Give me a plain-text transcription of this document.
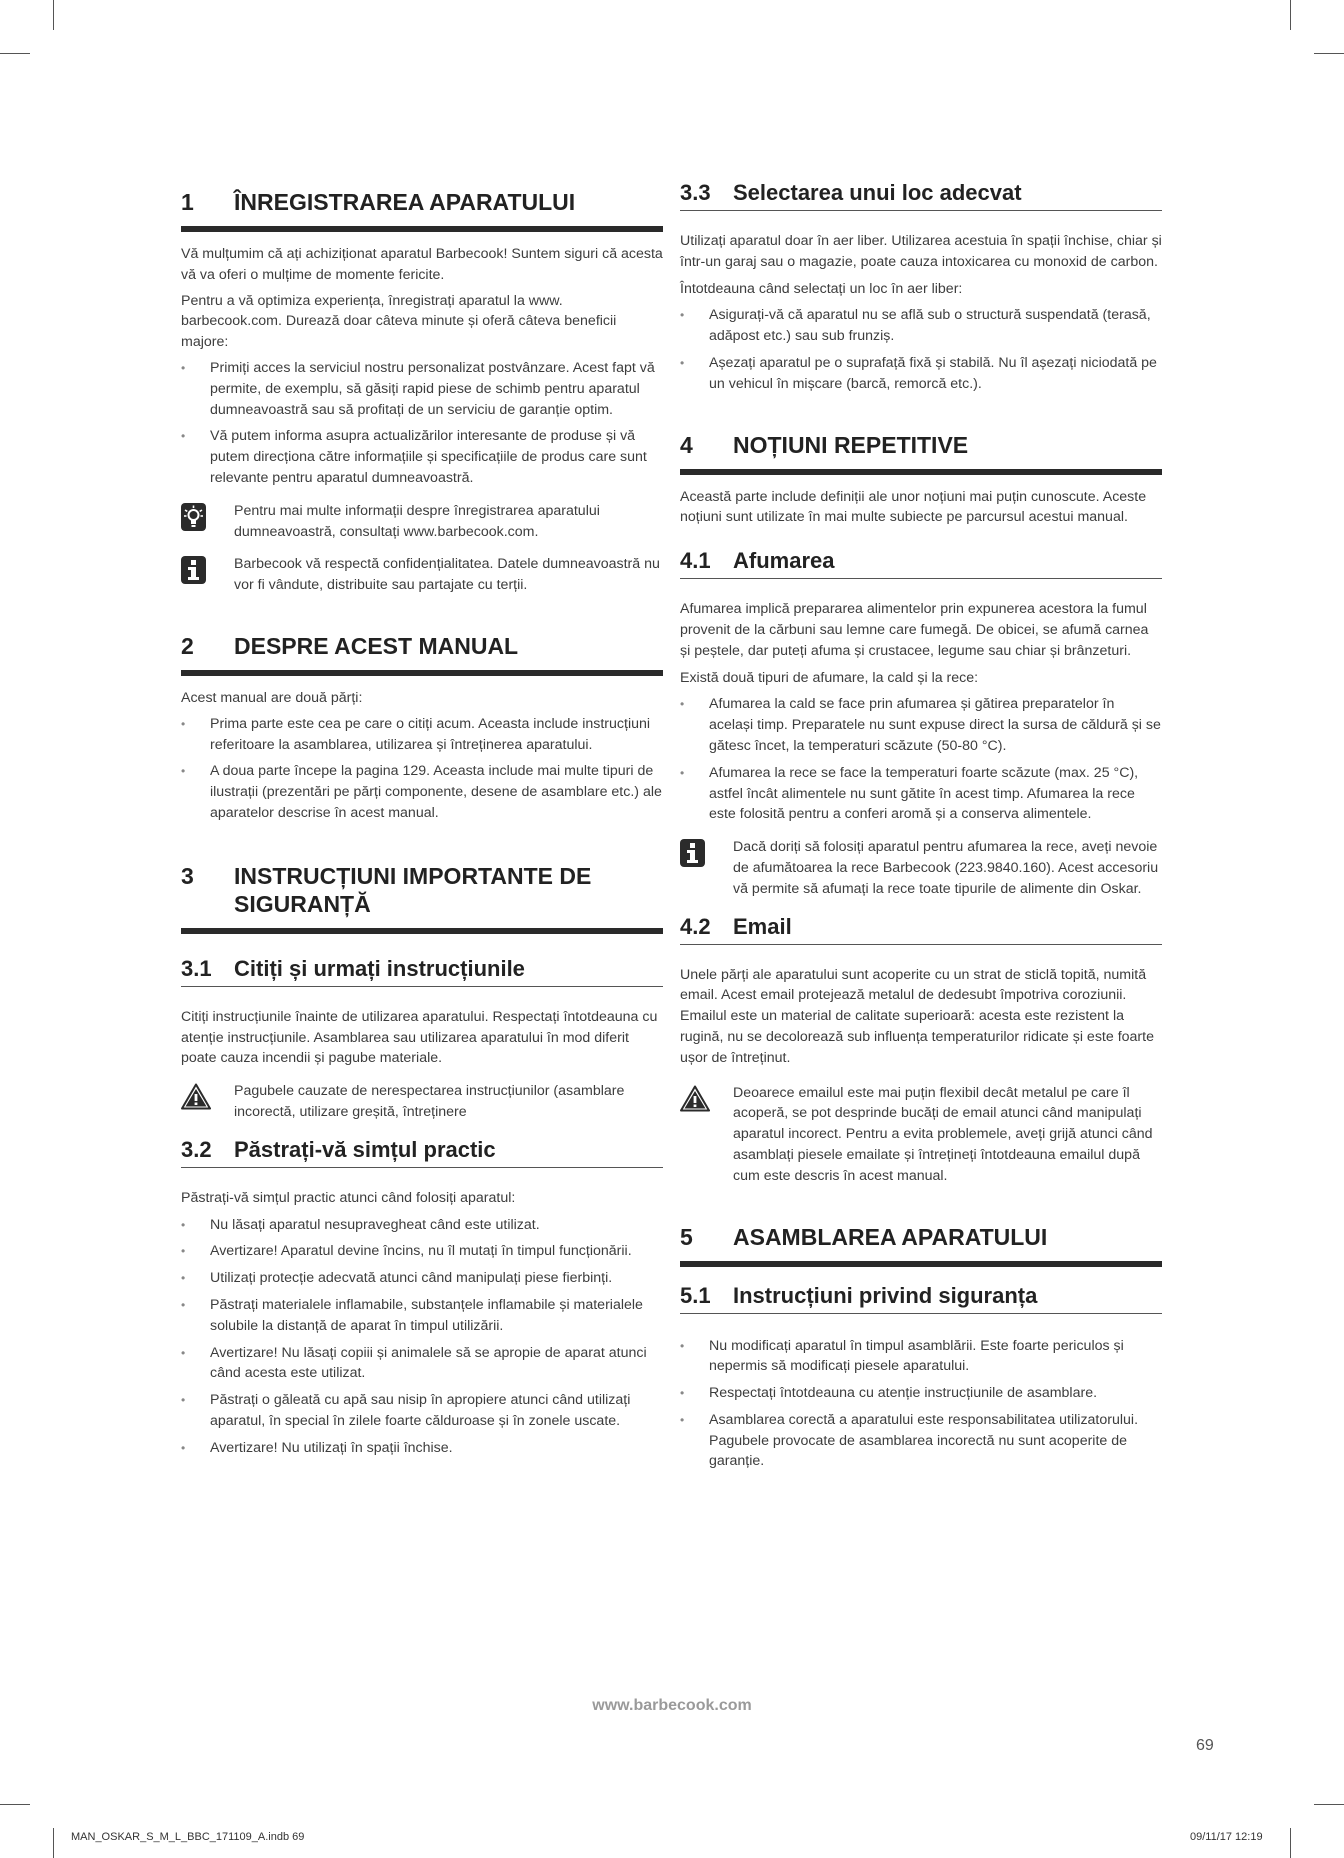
1	ÎNREGISTRAREA APARATULUI

Vă mulțumim că ați achiziționat aparatul Barbecook! Suntem siguri că acesta vă va oferi o mulțime de momente fericite.

Pentru a vă optimiza experiența, înregistrați aparatul la www. barbecook.com. Durează doar câteva minute și oferă câteva beneficii majore:

• Primiți acces la serviciul nostru personalizat postvânzare. Acest fapt vă permite, de exemplu, să găsiți rapid piese de schimb pentru aparatul dumneavoastră sau să profitați de un serviciu de garanție optim.
• Vă putem informa asupra actualizărilor interesante de produse și vă putem direcționa către informațiile și specificațiile de produs care sunt relevante pentru aparatul dumneavoastră.
Pentru mai multe informații despre înregistrarea aparatului dumneavoastră, consultați www.barbecook.com.
Barbecook vă respectă confidențialitatea. Datele dumneavoastră nu vor fi vândute, distribuite sau partajate cu terții.
2	DESPRE ACEST MANUAL

Acest manual are două părți:

• Prima parte este cea pe care o citiți acum. Aceasta include instrucțiuni referitoare la asamblarea, utilizarea și întreținerea aparatului.
• A doua parte începe la pagina 129. Aceasta include mai multe tipuri de ilustrații (prezentări pe părți componente, desene de asamblare etc.) ale aparatelor descrise în acest manual.
3	INSTRUCȚIUNI IMPORTANTE DE SIGURANȚĂ
3.1	Citiți și urmați instrucțiunile

Citiți instrucțiunile înainte de utilizarea aparatului. Respectați întotdeauna cu atenție instrucțiunile. Asamblarea sau utilizarea aparatului în mod diferit poate cauza incendii și pagube materiale.

Pagubele cauzate de nerespectarea instrucțiunilor (asamblare incorectă, utilizare greșită, întreținere
3.2	Păstrați-vă simțul practic

Păstrați-vă simțul practic atunci când folosiți aparatul:

• Nu lăsați aparatul nesupravegheat când este utilizat.
• Avertizare! Aparatul devine încins, nu îl mutați în timpul funcționării.
• Utilizați protecție adecvată atunci când manipulați piese fierbinți.
• Păstrați materialele inflamabile, substanțele inflamabile și materialele solubile la distanță de aparat în timpul utilizării.
• Avertizare! Nu lăsați copiii și animalele să se apropie de aparat atunci când acesta este utilizat.
• Păstrați o găleată cu apă sau nisip în apropiere atunci când utilizați aparatul, în special în zilele foarte călduroase și în zonele uscate.
• Avertizare! Nu utilizați în spații închise.
3.3	Selectarea unui loc adecvat

Utilizați aparatul doar în aer liber. Utilizarea acestuia în spații închise, chiar și într-un garaj sau o magazie, poate cauza intoxicarea cu monoxid de carbon.

Întotdeauna când selectați un loc în aer liber:

• Asigurați-vă că aparatul nu se află sub o structură suspendată (terasă, adăpost etc.) sau sub frunziș.
• Așezați aparatul pe o suprafață fixă și stabilă. Nu îl așezați niciodată pe un vehicul în mișcare (barcă, remorcă etc.).
4	NOȚIUNI REPETITIVE

Această parte include definiții ale unor noțiuni mai puțin cunoscute. Aceste noțiuni sunt utilizate în mai multe subiecte pe parcursul acestui manual.

4.1	Afumarea

Afumarea implică prepararea alimentelor prin expunerea acestora la fumul provenit de la cărbuni sau lemne care fumegă. De obicei, se afumă carnea și peștele, dar puteți afuma și crustacee, legume sau chiar și brânzeturi.

Există două tipuri de afumare, la cald și la rece:

• Afumarea la cald se face prin afumarea și gătirea preparatelor în același timp. Preparatele nu sunt expuse direct la sursa de căldură și se gătesc încet, la temperaturi scăzute (50-80 °C).
• Afumarea la rece se face la temperaturi foarte scăzute (max. 25 °C), astfel încât alimentele nu sunt gătite în acest timp. Afumarea la rece este folosită pentru a conferi aromă și a conserva alimentele.
Dacă doriți să folosiți aparatul pentru afumarea la rece, aveți nevoie de afumătoarea la rece Barbecook (223.9840.160). Acest accesoriu vă permite să afumați la rece toate tipurile de alimente din Oskar.
4.2	Email

Unele părți ale aparatului sunt acoperite cu un strat de sticlă topită, numită email. Acest email protejează metalul de dedesubt împotriva coroziunii. Emailul este un material de calitate superioară: acesta este rezistent la rugină, nu se decolorează sub influența temperaturilor ridicate și este foarte ușor de întreținut.

Deoarece emailul este mai puțin flexibil decât metalul pe care îl acoperă, se pot desprinde bucăți de email atunci când manipulați aparatul incorect. Pentru a evita problemele, aveți grijă atunci când asamblați piesele emailate și întrețineți întotdeauna emailul după cum este descris în acest manual.
5	ASAMBLAREA APARATULUI
5.1	Instrucțiuni privind siguranța
• Nu modificați aparatul în timpul asamblării. Este foarte periculos și nepermis să modificați piesele aparatului.
• Respectați întotdeauna cu atenție instrucțiunile de asamblare.
• Asamblarea corectă a aparatului este responsabilitatea utilizatorului. Pagubele provocate de asamblarea incorectă nu sunt acoperite de garanție.
www.barbecook.com
69
MAN_OSKAR_S_M_L_BBC_171109_A.indb 69	09/11/17 12:19
